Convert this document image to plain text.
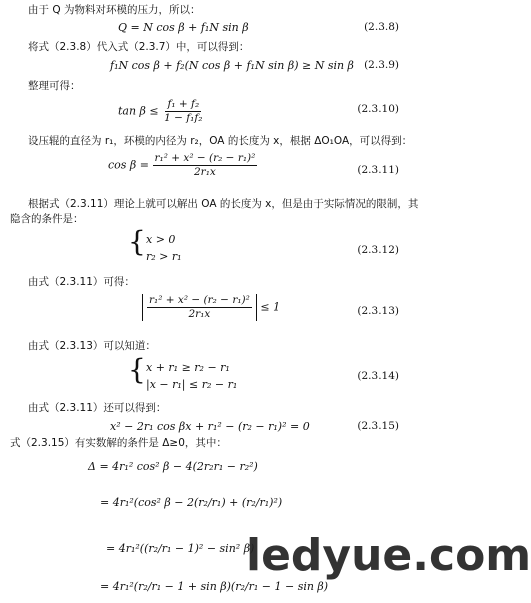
由于 Q 为物料对环模的压力，所以：
Q = N cos β + f₁N sin β	(2.3.8)
将式（2.3.8）代入式（2.3.7）中，可以得到：
f₁N cos β + f₂(N cos β + f₁N sin β) ≥ N sin β (2.3.9)
整理可得：
$\tan \beta \le \frac{\text{f₁ + f₂}}{\text{1 − f₁f₂}}$	(2.3.10)
设压辊的直径为 r₁，环模的内径为 r₂，OA 的长度为 x，根据 ΔO₁OA，可以得到：
$\cos \beta = \frac{\text{r₁² + x² − (r₂ − r₁)²}}{\text{2r₁x}}$	(2.3.11)
根据式（2.3.11）理论上就可以解出 OA 的长度为 x，但是由于实际情况的限制，其
隐含的条件是：
{ x > 0
r₂ > r₁	(2.3.12)
由式（2.3.11）可得：
$\frac{\text{r₁² + x² − (r₂ − r₁)²}}{\text{2r₁x}} \le 1$	(2.3.13)
由式（2.3.13）可以知道：
{ x + r₁ ≥ r₂ − r₁
|x − r₁| ≤ r₂ − r₁
(2.3.14)
由式（2.3.11）还可以得到：
x² − 2r₁ cos βx + r₁² − (r₂ − r₁)² = 0	(2.3.15)
式（2.3.15）有实数解的条件是 Δ≥0，其中：
Δ = 4r₁² cos² β − 4(2r₂r₁ − r₂²)
= 4r₁²(cos² β − 2(r₂/r₁) + (r₂/r₁)²)
= 4r₁²((r₂/r₁ − 1)² − sin² β)
= 4r₁²(r₂/r₁ − 1 + sin β)(r₂/r₁ − 1 − sin β)
ledyue.com
